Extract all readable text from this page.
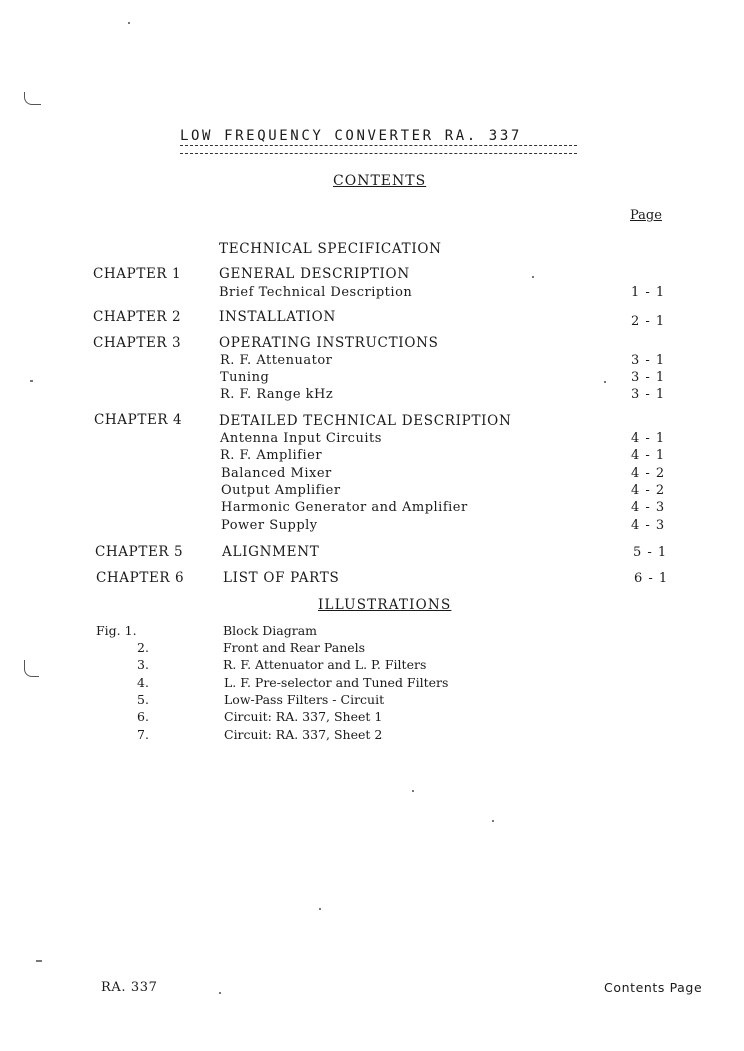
LOW FREQUENCY CONVERTER RA. 337
CONTENTS
Page
TECHNICAL SPECIFICATION
CHAPTER 1	GENERAL DESCRIPTION
Brief Technical Description	1 - 1
CHAPTER 2	INSTALLATION	2 - 1
CHAPTER 3	OPERATING INSTRUCTIONS
R. F. Attenuator	3 - 1
Tuning	3 - 1
R. F. Range kHz	3 - 1
CHAPTER 4	DETAILED TECHNICAL DESCRIPTION
Antenna Input Circuits	4 - 1
R. F. Amplifier	4 - 1
Balanced Mixer	4 - 2
Output Amplifier	4 - 2
Harmonic Generator and Amplifier	4 - 3
Power Supply	4 - 3
CHAPTER 5	ALIGNMENT	5 - 1
CHAPTER 6	LIST OF PARTS	6 - 1
ILLUSTRATIONS
Fig. 1.	Block Diagram
2.	Front and Rear Panels
3.	R. F. Attenuator and L. P. Filters
4.	L. F. Pre-selector and Tuned Filters
5.	Low-Pass Filters - Circuit
6.	Circuit: RA. 337, Sheet 1
7.	Circuit: RA. 337, Sheet 2
RA. 337	Contents Page
